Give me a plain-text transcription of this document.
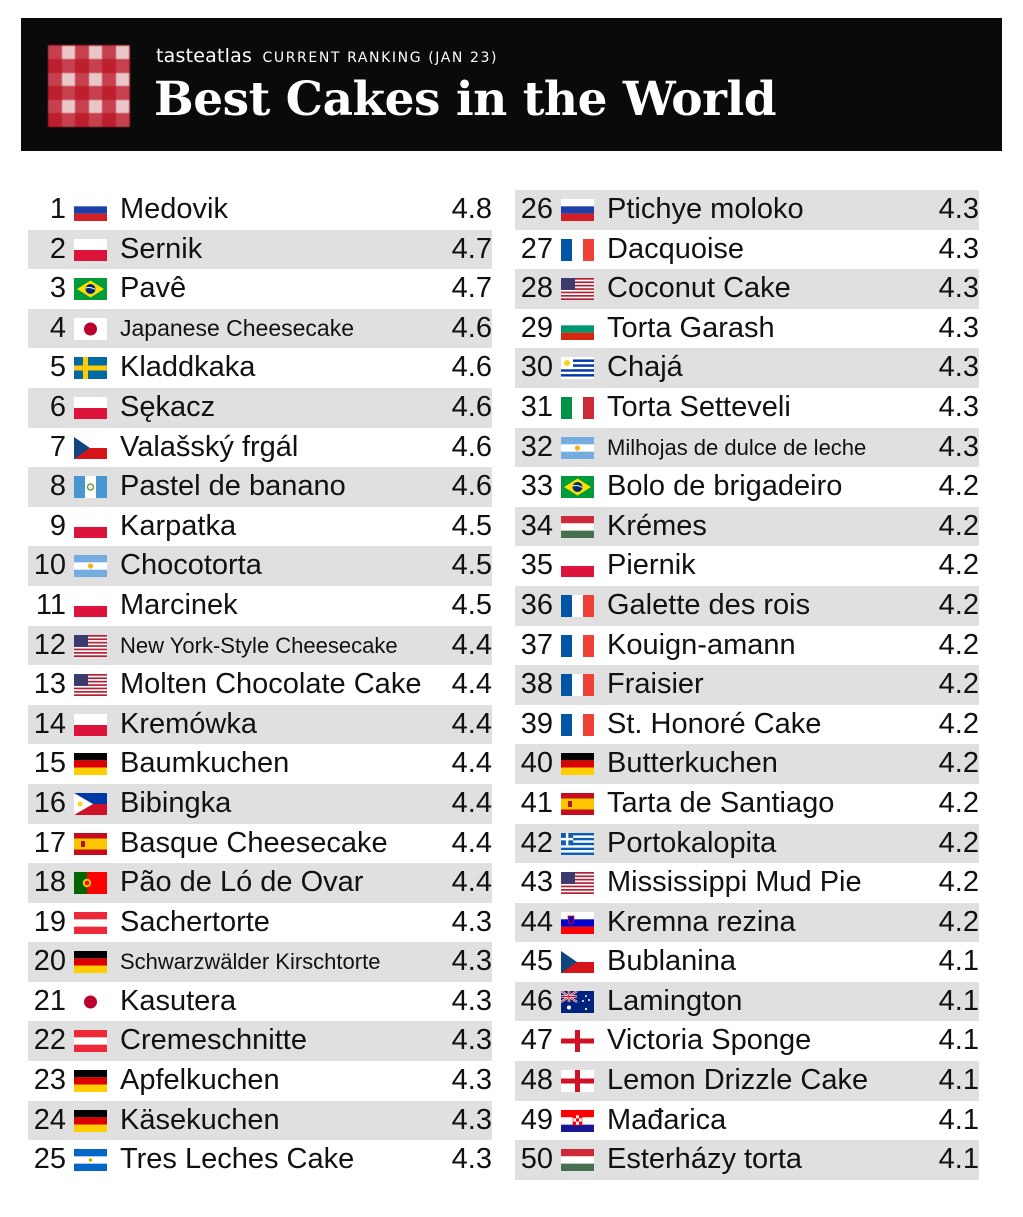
tasteatlas CURRENT RANKING (JAN 23)
Best Cakes in the World
1 Medovik	4.8
2 Sernik	4.7
3 Pavê	4.7
4 Japanese Cheesecake	4.6
5 Kladdkaka	4.6
6 Sękacz	4.6
7 Valašský frgál	4.6
8 Pastel de banano	4.6
9 Karpatka	4.5
10 Chocotorta	4.5
11 Marcinek	4.5
12 New York-Style Cheesecake 4.4
13 Molten Chocolate Cake 4.4
14 Kremówka	4.4
15 Baumkuchen	4.4
16 Bibingka	4.4
17 Basque Cheesecake 4.4
18 Pão de Ló de Ovar	4.4
19 Sachertorte	4.3
20 Schwarzwälder Kirschtorte 4.3
21 Kasutera	4.3
22 Cremeschnitte	4.3
23 Apfelkuchen	4.3
24 Käsekuchen	4.3
25 Tres Leches Cake	4.3
26 Ptichye moloko	4.3
27 Dacquoise	4.3
28 Coconut Cake	4.3
29 Torta Garash	4.3
30 Chajá	4.3
31 Torta Setteveli	4.3
32 Milhojas de dulce de leche 4.3
33 Bolo de brigadeiro	4.2
34 Krémes	4.2
35 Piernik	4.2
36 Galette des rois	4.2
37 Kouign-amann	4.2
38 Fraisier	4.2
39 St. Honoré Cake	4.2
40 Butterkuchen	4.2
41 Tarta de Santiago	4.2
42 Portokalopita	4.2
43 Mississippi Mud Pie	4.2
44 Kremna rezina	4.2
45 Bublanina	4.1
46 Lamington	4.1
47 Victoria Sponge	4.1
48 Lemon Drizzle Cake 4.1
49 Mađarica	4.1
50 Esterházy torta	4.1
